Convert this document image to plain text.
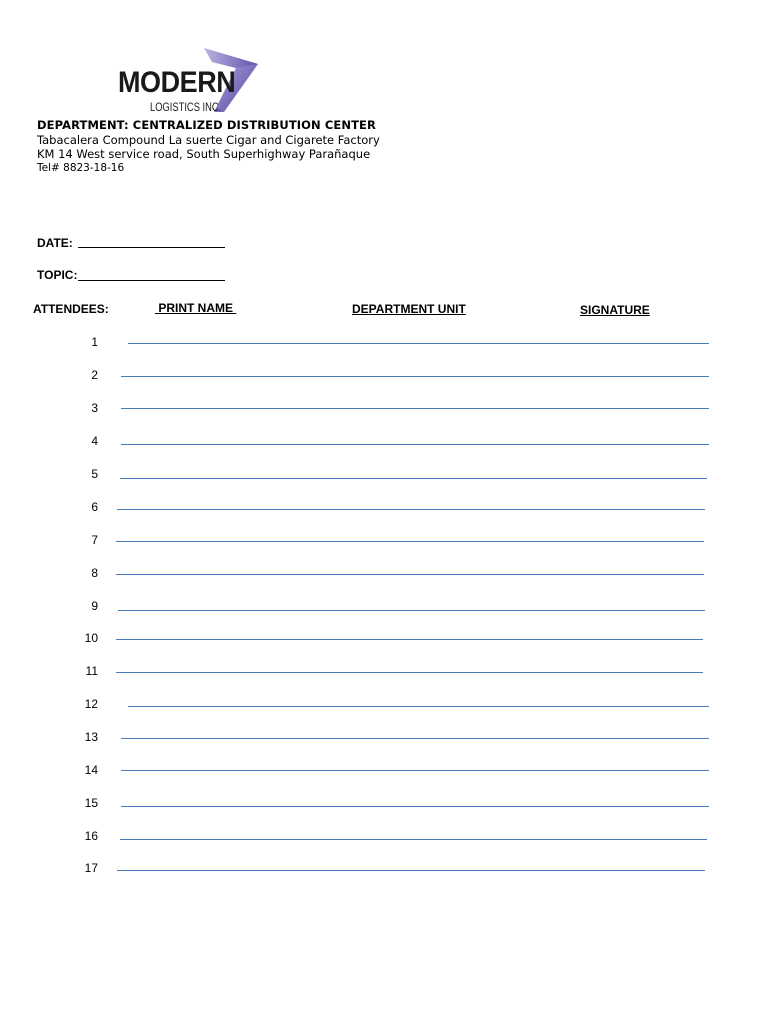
MODERN
LOGISTICS INC.
DEPARTMENT: CENTRALIZED DISTRIBUTION CENTER
Tabacalera Compound La suerte Cigar and Cigarete Factory
KM 14 West service road, South Superhighway Parañaque
Tel# 8823-18-16
DATE:
TOPIC:
ATTENDEES:	PRINT NAME	DEPARTMENT UNIT	SIGNATURE
1
2
3
4
5
6
7
8
9
10
11
12
13
14
15
16
17
